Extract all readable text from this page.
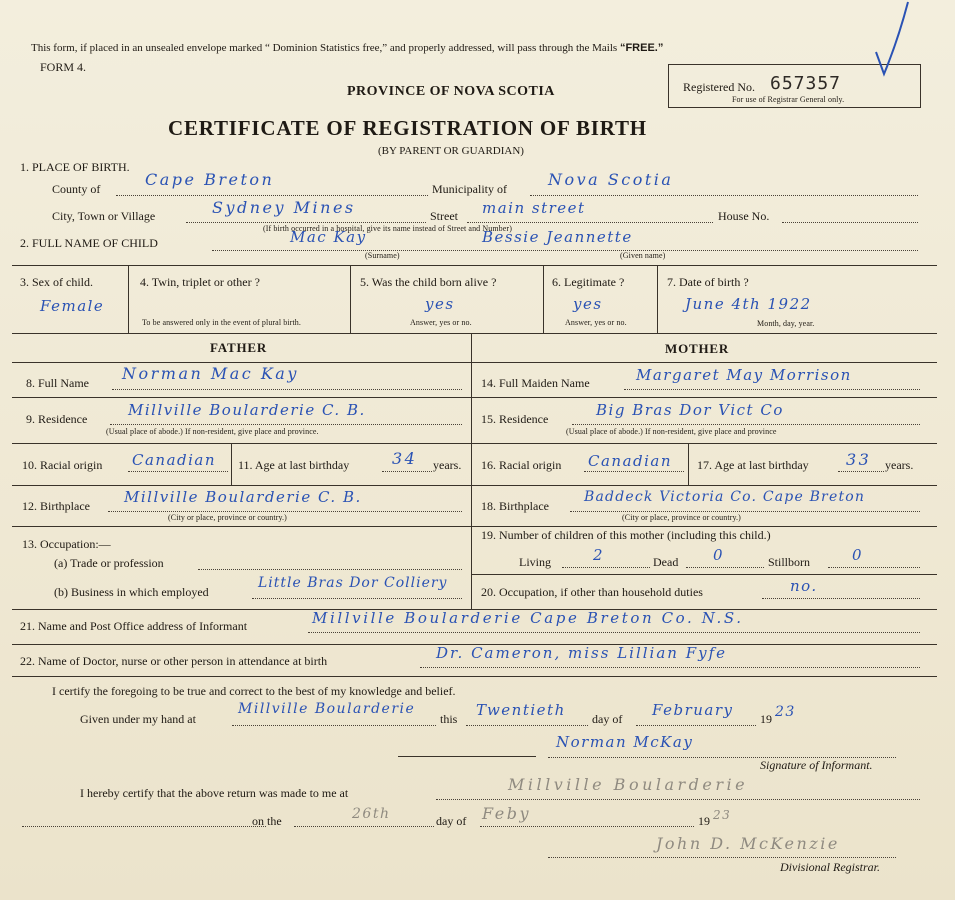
This form, if placed in an unsealed envelope marked “ Dominion Statistics free,” and properly addressed, will pass through the Mails “FREE.”
FORM 4.
Registered No. 657357
For use of Registrar General only.
PROVINCE OF NOVA SCOTIA
CERTIFICATE OF REGISTRATION OF BIRTH
(BY PARENT OR GUARDIAN)
1. PLACE OF BIRTH.
County of	Cape Breton	Municipality of	Nova Scotia
City, Town or Village	Sydney Mines	Street main street	House No.
(If birth occurred in a hospital, give its name instead of Street and Number)
2. FULL NAME OF CHILD	Mac Kay	Bessie Jeannette
(Surname)	(Given name)
3. Sex of child.
Female
4. Twin, triplet or other ?
To be answered only in the event of plural birth.
5. Was the child born alive ?
yes
Answer, yes or no.
6. Legitimate ?
yes
Answer, yes or no.
7. Date of birth ?
June 4th 1922
Month, day, year.
FATHER	MOTHER
8. Full Name Norman Mac Kay	14. Full Maiden Name	Margaret May Morrison
9. Residence	Millville Boularderie C. B.
(Usual place of abode.) If non-resident, give place and province.
15. Residence	Big Bras Dor Vict Co
(Usual place of abode.) If non-resident, give place and province
10. Racial origin Canadian 11. Age at last birthday	34 years. 16. Racial origin Canadian 17. Age at last birthday 33 years.
12. Birthplace Millville Boularderie C. B.
(City or place, province or country.)
18. Birthplace
Baddeck Victoria Co. Cape Breton
(City or place, province or country.)
13. Occupation:—
(a) Trade or profession
19. Number of children of this mother (including this child.)
Living	2	Dead 0	Stillborn	0
(b) Business in which employed
Little Bras Dor Colliery
20. Occupation, if other than household duties	no.
21. Name and Post Office address of Informant	Millville Boularderie Cape Breton Co. N.S.
22. Name of Doctor, nurse or other person in attendance at birth	Dr. Cameron, miss Lillian Fyfe
I certify the foregoing to be true and correct to the best of my knowledge and belief.
Given under my hand at
Millville Boularderie
this Twentieth day of February 19 23
Norman McKay
Signature of Informant.
I hereby certify that the above return was made to me at	Millville Boularderie
on the	26th	day of Feby	19 23
John D. McKenzie
Divisional Registrar.
